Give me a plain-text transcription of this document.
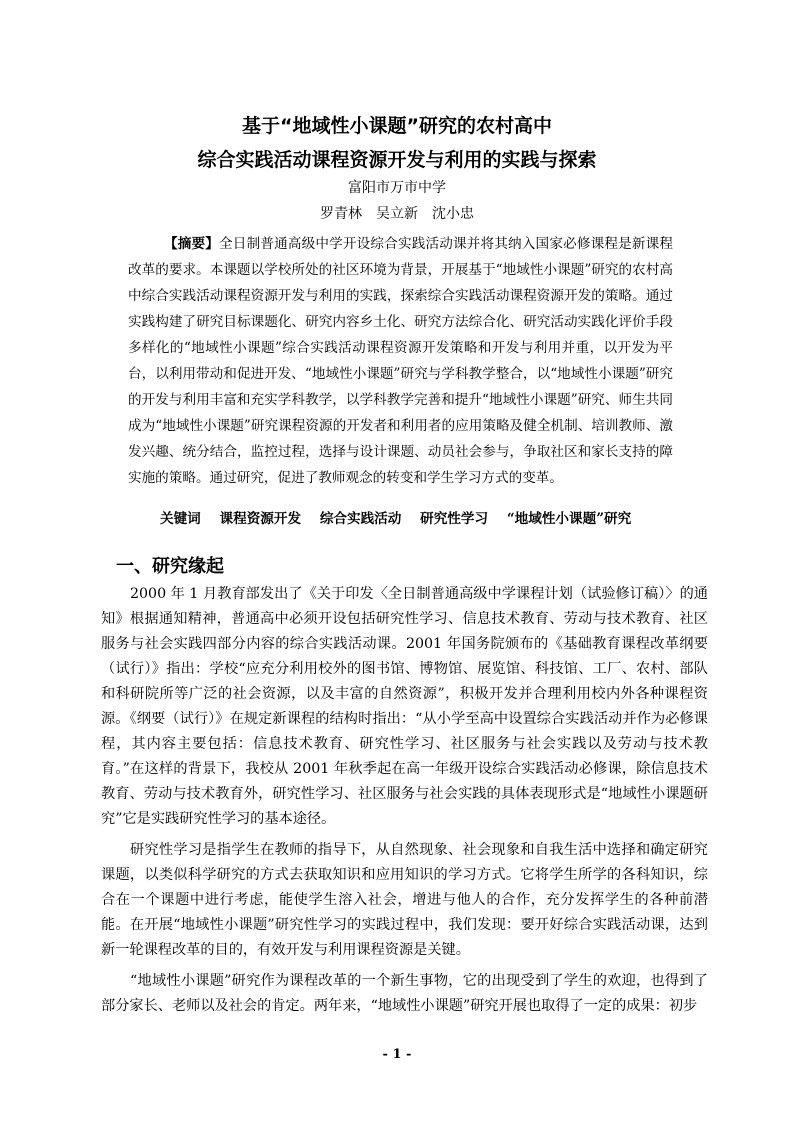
基于“地域性小课题”研究的农村高中
综合实践活动课程资源开发与利用的实践与探索
富阳市万市中学
罗青林　吴立新　沈小忠

【摘要】全日制普通高级中学开设综合实践活动课并将其纳入国家必修课程是新课程改革的要求。本课题以学校所处的社区环境为背景，开展基于“地域性小课题”研究的农村高中综合实践活动课程资源开发与利用的实践，探索综合实践活动课程资源开发的策略。通过实践构建了研究目标课题化、研究内容乡土化、研究方法综合化、研究活动实践化评价手段多样化的“地域性小课题”综合实践活动课程资源开发策略和开发与利用并重，以开发为平台，以利用带动和促进开发、“地域性小课题”研究与学科教学整合，以“地域性小课题”研究的开发与利用丰富和充实学科教学，以学科教学完善和提升“地域性小课题”研究、师生共同成为“地域性小课题”研究课程资源的开发者和利用者的应用策略及健全机制、培训教师、激发兴趣、统分结合，监控过程，选择与设计课题、动员社会参与，争取社区和家长支持的障实施的策略。通过研究，促进了教师观念的转变和学生学习方式的变革。

关键词 课程资源开发 综合实践活动 研究性学习 “地域性小课题”研究
一、研究缘起

2000 年 1 月教育部发出了《关于印发〈全日制普通高级中学课程计划（试验修订稿）〉的通知》根据通知精神，普通高中必须开设包括研究性学习、信息技术教育、劳动与技术教育、社区服务与社会实践四部分内容的综合实践活动课。2001 年国务院颁布的《基础教育课程改革纲要（试行）》指出：学校“应充分利用校外的图书馆、博物馆、展览馆、科技馆、工厂、农村、部队和科研院所等广泛的社会资源，以及丰富的自然资源”，积极开发并合理利用校内外各种课程资源。《纲要（试行）》在规定新课程的结构时指出：“从小学至高中设置综合实践活动并作为必修课程，其内容主要包括：信息技术教育、研究性学习、社区服务与社会实践以及劳动与技术教育。”在这样的背景下，我校从 2001 年秋季起在高一年级开设综合实践活动必修课，除信息技术教育、劳动与技术教育外，研究性学习、社区服务与社会实践的具体表现形式是“地域性小课题研究”它是实践研究性学习的基本途径。

研究性学习是指学生在教师的指导下，从自然现象、社会现象和自我生活中选择和确定研究课题，以类似科学研究的方式去获取知识和应用知识的学习方式。它将学生所学的各科知识，综合在一个课题中进行考虑，能使学生溶入社会，增进与他人的合作，充分发挥学生的各种前潜能。在开展“地域性小课题”研究性学习的实践过程中，我们发现：要开好综合实践活动课，达到新一轮课程改革的目的，有效开发与利用课程资源是关键。

“地域性小课题”研究作为课程改革的一个新生事物，它的出现受到了学生的欢迎，也得到了部分家长、老师以及社会的肯定。两年来，“地域性小课题”研究开展也取得了一定的成果：初步

- 1 -
